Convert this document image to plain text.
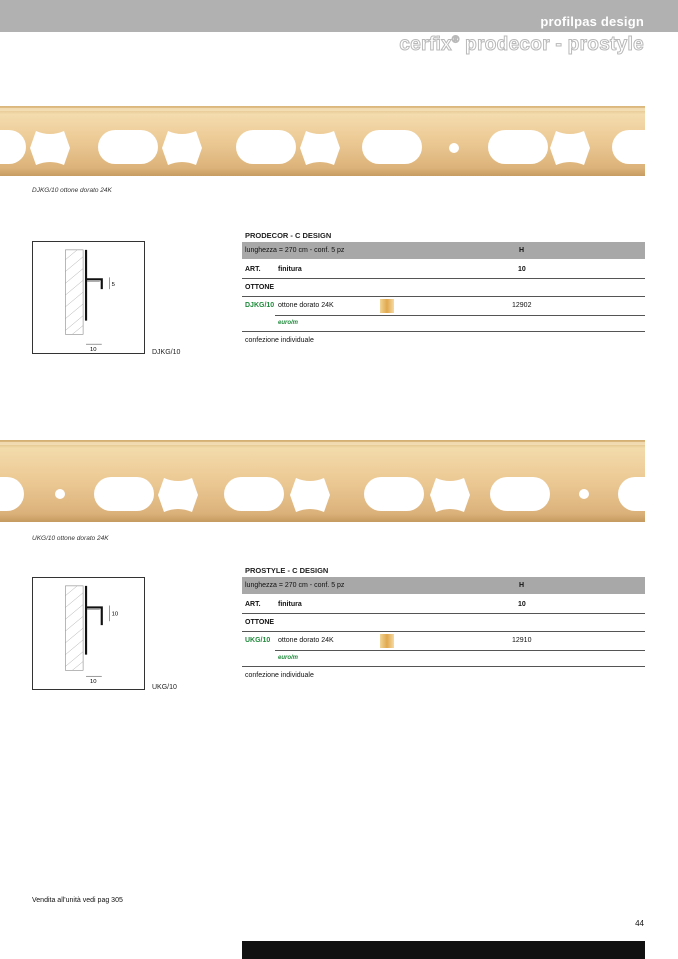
profilpas design
cerfix® prodecor - prostyle
DJKG/10 ottone dorato 24K
5
10	DJKG/10
PRODECOR - C DESIGN
lunghezza = 270 cm - conf. 5 pz	H
ART. finitura	10
OTTONE
DJKG/10 ottone dorato 24K	12902
euro/m
confezione individuale
UKG/10 ottone dorato 24K
10
10
UKG/10
PROSTYLE - C DESIGN
lunghezza = 270 cm - conf. 5 pz	H
ART. finitura	10
OTTONE
UKG/10 ottone dorato 24K	12910
euro/m
confezione individuale
Vendita all'unità vedi pag 305
44
